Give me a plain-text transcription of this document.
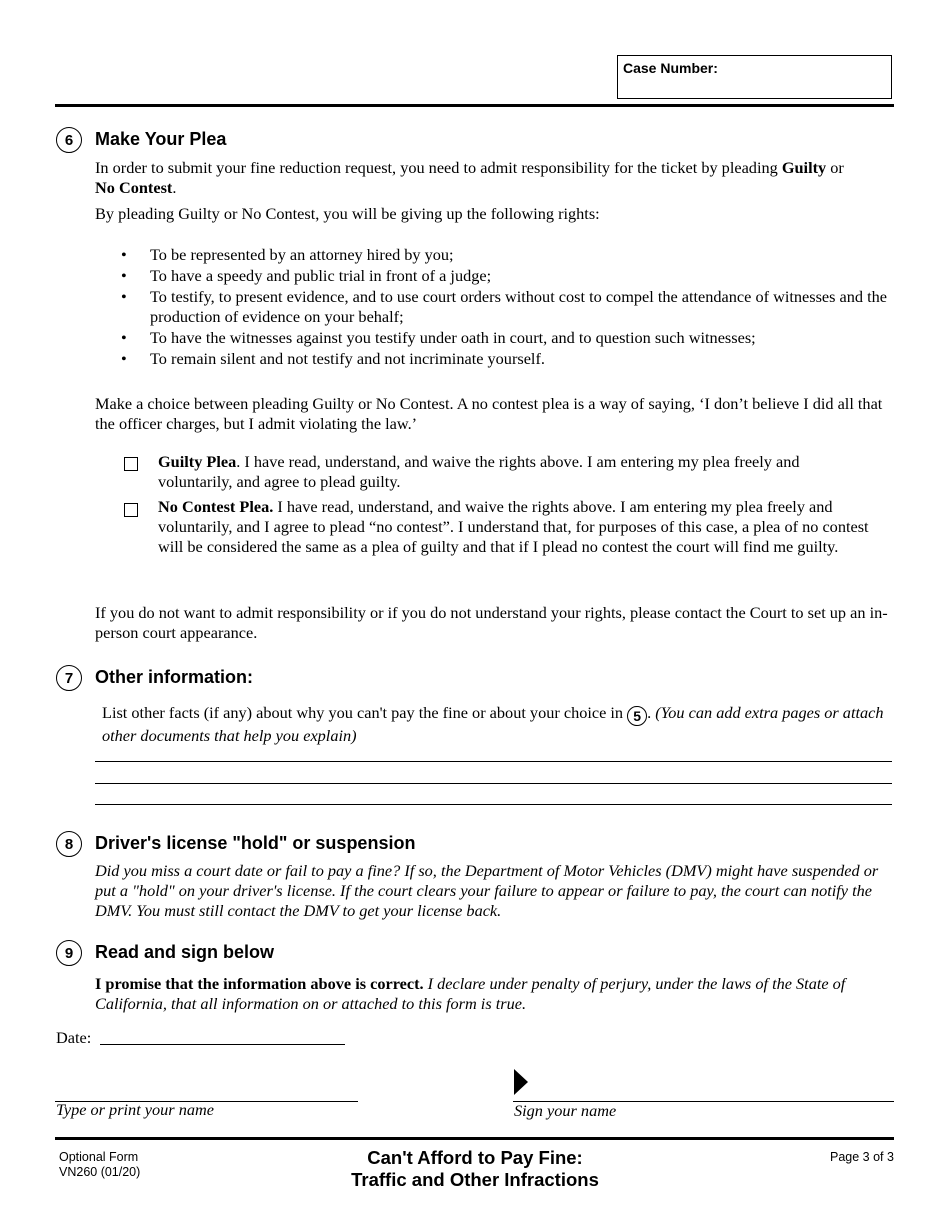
Case Number:
6	Make Your Plea
In order to submit your fine reduction request, you need to admit responsibility for the ticket by pleading Guilty or
No Contest.
By pleading Guilty or No Contest, you will be giving up the following rights:
• To be represented by an attorney hired by you;
• To have a speedy and public trial in front of a judge;
• To testify, to present evidence, and to use court orders without cost to compel the attendance of witnesses and the production of evidence on your behalf;
• To have the witnesses against you testify under oath in court, and to question such witnesses;
• To remain silent and not testify and not incriminate yourself.
Make a choice between pleading Guilty or No Contest. A no contest plea is a way of saying, ‘I don’t believe I did all that the officer charges, but I admit violating the law.’
Guilty Plea. I have read, understand, and waive the rights above. I am entering my plea freely and voluntarily, and agree to plead guilty.
No Contest Plea. I have read, understand, and waive the rights above. I am entering my plea freely and voluntarily, and I agree to plead “no contest”. I understand that, for purposes of this case, a plea of no contest will be considered the same as a plea of guilty and that if I plead no contest the court will find me guilty.
If you do not want to admit responsibility or if you do not understand your rights, please contact the Court to set up an in-person court appearance.
7	Other information:
List other facts (if any) about why you can't pay the fine or about your choice in 5 . (You can add extra pages or attach other documents that help you explain)
8	Driver's license "hold" or suspension
Did you miss a court date or fail to pay a fine? If so, the Department of Motor Vehicles (DMV) might have suspended or put a "hold" on your driver's license. If the court clears your failure to appear or failure to pay, the court can notify the DMV. You must still contact the DMV to get your license back.
9	Read and sign below
I promise that the information above is correct. I declare under penalty of perjury, under the laws of the State of California, that all information on or attached to this form is true.
Date:
Type or print your name	Sign your name
Optional Form
VN260 (01/20)
Can't Afford to Pay Fine:
Traffic and Other Infractions
Page 3 of 3
